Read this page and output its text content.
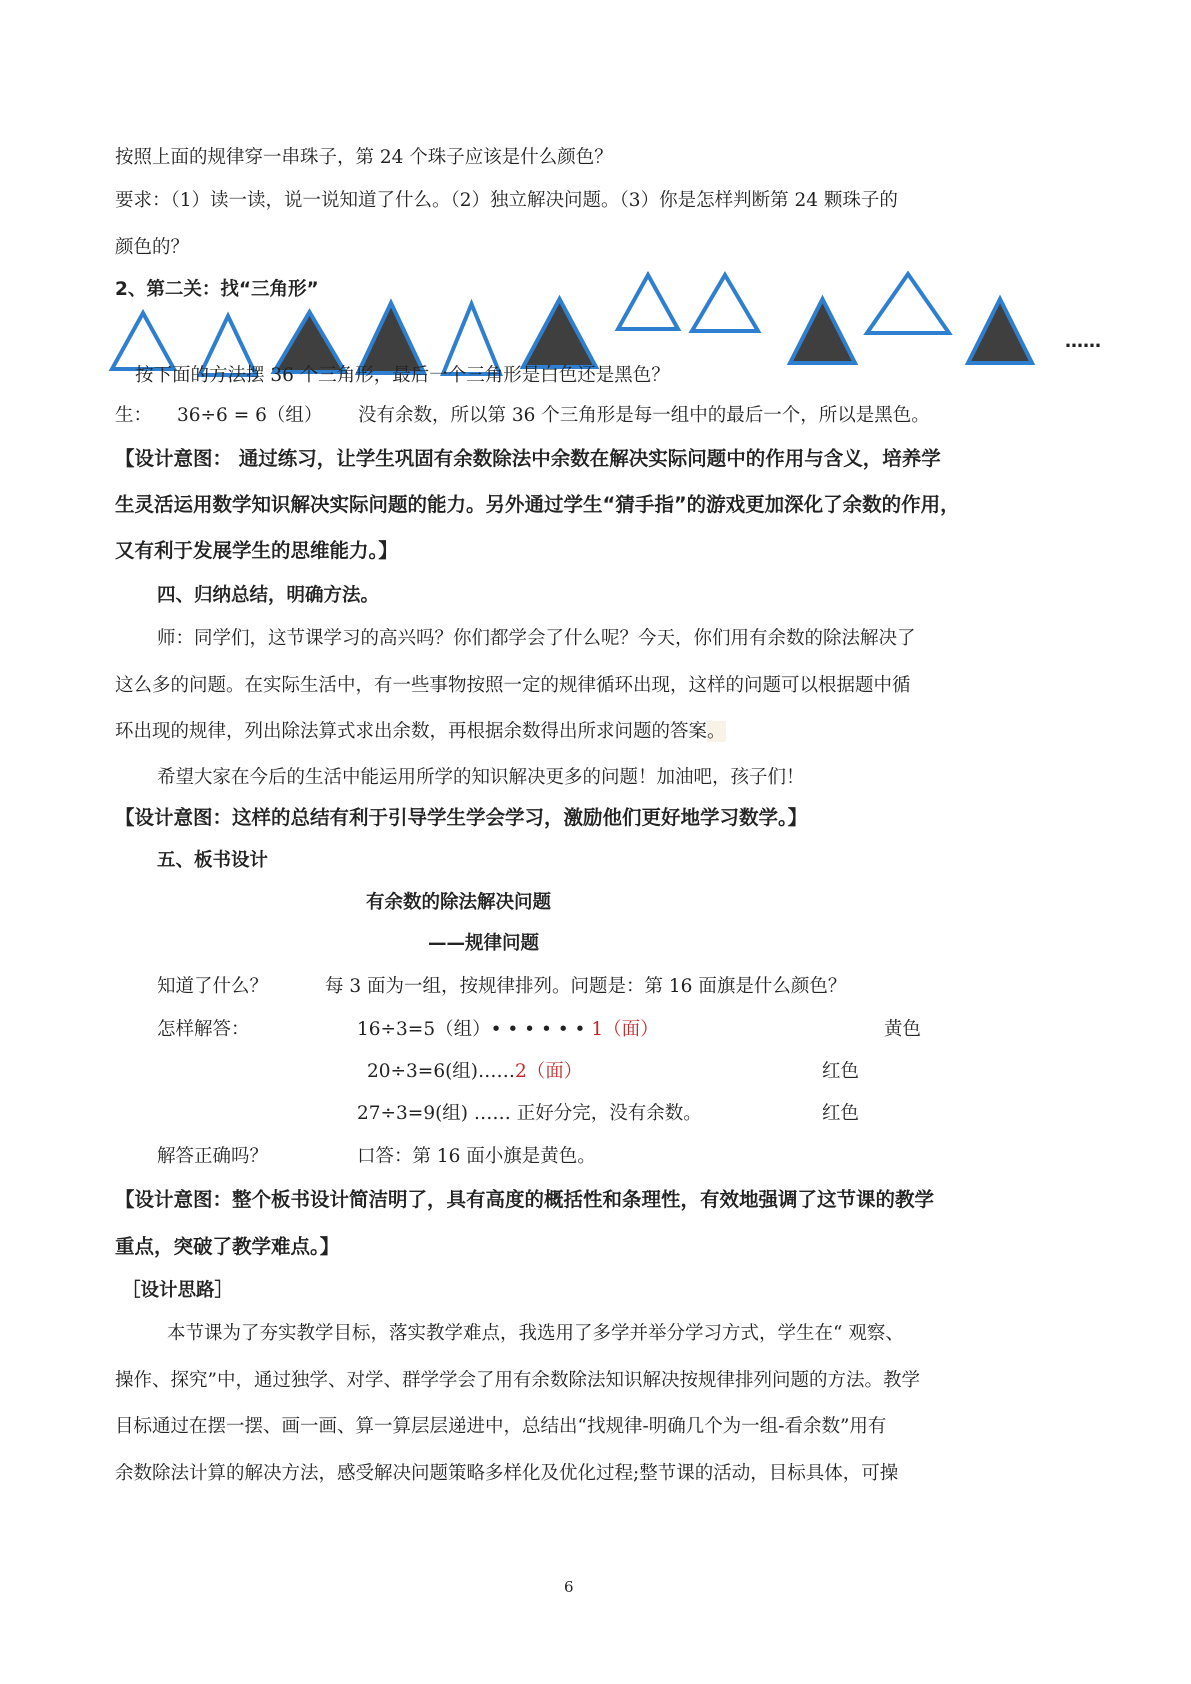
按照上面的规律穿一串珠子，第 24 个珠子应该是什么颜色？
要求：（1）读一读，说一说知道了什么。（2）独立解决问题。（3）你是怎样判断第 24 颗珠子的
颜色的？
2、第二关：找“三角形”
……
按下面的方法摆 36 个三角形，最后一个三角形是白色还是黑色？
生： 36÷6 = 6（组） 没有余数，所以第 36 个三角形是每一组中的最后一个，所以是黑色。
【设计意图： 通过练习，让学生巩固有余数除法中余数在解决实际问题中的作用与含义，培养学
生灵活运用数学知识解决实际问题的能力。另外通过学生“猜手指”的游戏更加深化了余数的作用，
又有利于发展学生的思维能力。】
四、归纳总结，明确方法。
师：同学们，这节课学习的高兴吗？你们都学会了什么呢？今天，你们用有余数的除法解决了
这么多的问题。在实际生活中，有一些事物按照一定的规律循环出现，这样的问题可以根据题中循
环出现的规律，列出除法算式求出余数，再根据余数得出所求问题的答案。
希望大家在今后的生活中能运用所学的知识解决更多的问题！加油吧，孩子们！
【设计意图：这样的总结有利于引导学生学会学习，激励他们更好地学习数学。】
五、板书设计
有余数的除法解决问题
——规律问题
知道了什么？	每 3 面为一组，按规律排列。问题是：第 16 面旗是什么颜色？
怎样解答：	16÷3=5（组）• • • • • • 1（面）	黄色
20÷3=6(组)……2（面）	红色
27÷3=9(组) …… 正好分完，没有余数。	红色
解答正确吗？	口答：第 16 面小旗是黄色。
【设计意图：整个板书设计简洁明了，具有高度的概括性和条理性，有效地强调了这节课的教学
重点，突破了教学难点。】
［设计思路］
本节课为了夯实教学目标，落实教学难点，我选用了多学并举分学习方式，学生在“ 观察、
操作、探究”中，通过独学、对学、群学学会了用有余数除法知识解决按规律排列问题的方法。教学
目标通过在摆一摆、画一画、算一算层层递进中，总结出“找规律-明确几个为一组-看余数”用有
余数除法计算的解决方法，感受解决问题策略多样化及优化过程;整节课的活动，目标具体，可操
6
